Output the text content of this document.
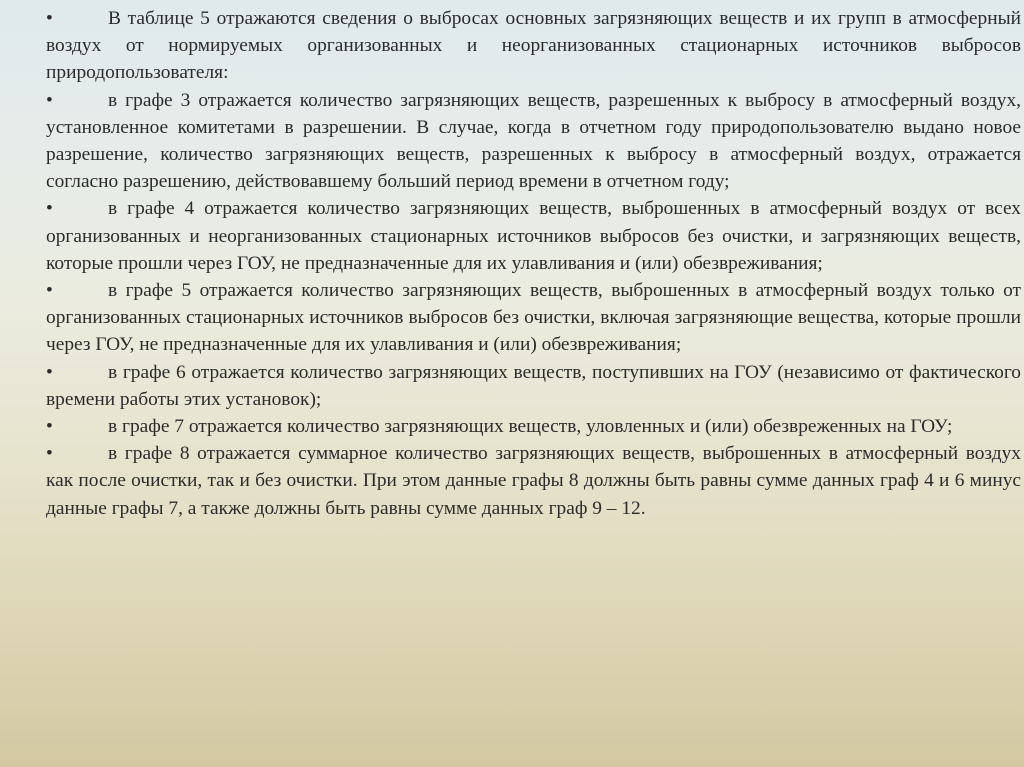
•	В таблице 5 отражаются сведения о выбросах основных загрязняющих веществ и их групп в атмосферный воздух от нормируемых организованных и неорганизованных стационарных источников выбросов природопользователя:

•	в графе 3 отражается количество загрязняющих веществ, разрешенных к выбросу в атмосферный воздух, установленное комитетами в разрешении. В случае, когда в отчетном году природопользователю выдано новое разрешение, количество загрязняющих веществ, разрешенных к выбросу в атмосферный воздух, отражается согласно разрешению, действовавшему больший период времени в отчетном году;

•	в графе 4 отражается количество загрязняющих веществ, выброшенных в атмосферный воздух от всех организованных и неорганизованных стационарных источников выбросов без очистки, и загрязняющих веществ, которые прошли через ГОУ, не предназначенные для их улавливания и (или) обезвреживания;

•	в графе 5 отражается количество загрязняющих веществ, выброшенных в атмосферный воздух только от организованных стационарных источников выбросов без очистки, включая загрязняющие вещества, которые прошли через ГОУ, не предназначенные для их улавливания и (или) обезвреживания;

•	в графе 6 отражается количество загрязняющих веществ, поступивших на ГОУ (независимо от фактического времени работы этих установок);

•	в графе 7 отражается количество загрязняющих веществ, уловленных и (или) обезвреженных на ГОУ;

•	в графе 8 отражается суммарное количество загрязняющих веществ, выброшенных в атмосферный воздух как после очистки, так и без очистки. При этом данные графы 8 должны быть равны сумме данных граф 4 и 6 минус данные графы 7, а также должны быть равны сумме данных граф 9 – 12.
